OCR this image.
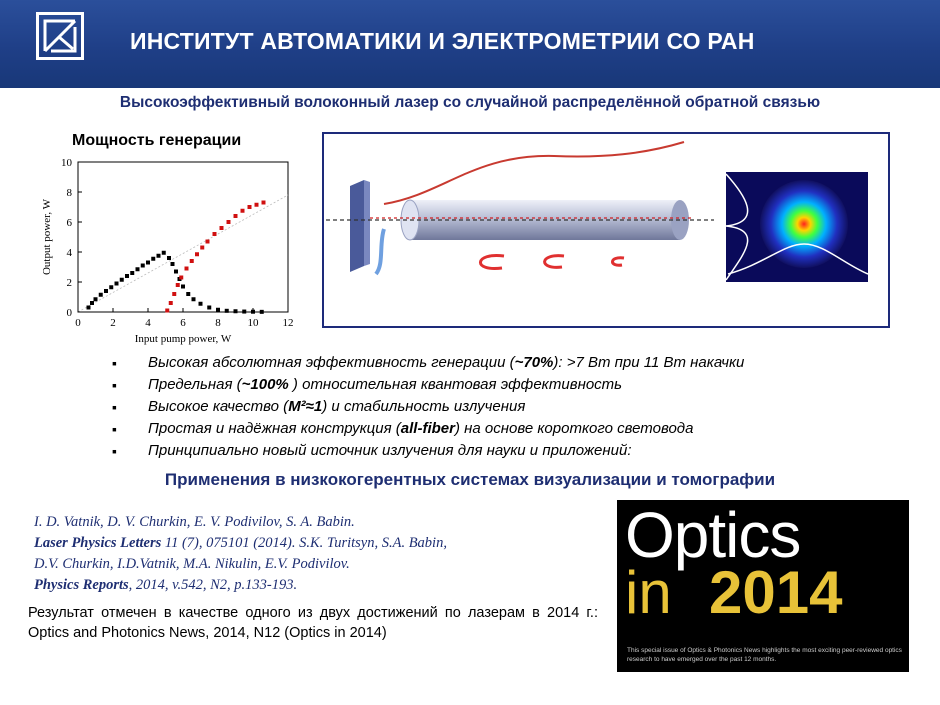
ИНСТИТУТ АВТОМАТИКИ И ЭЛЕКТРОМЕТРИИ СО РАН
Высокоэффективный волоконный лазер со случайной распределённой обратной связью
Мощность генерации
0	2	4	6	8 10 12
0
2
4
6
8
10
Input pump power, W
Output power, W
▪ Высокая абсолютная эффективность генерации (~70%): >7 Вт при 11 Вт накачки
▪ Предельная (~100% ) относительная квантовая эффективность
▪ Высокое качество (M²≈1) и стабильность излучения
▪ Простая и надёжная конструкция (all-fiber) на основе короткого световода
▪ Принципиально новый источник излучения для науки и приложений:
Применения в низкокогерентных системах визуализации и томографии
I. D. Vatnik, D. V. Churkin, E. V. Podivilov, S. A. Babin.
Laser Physics Letters 11 (7), 075101 (2014). S.K. Turitsyn, S.A. Babin,
D.V. Churkin, I.D.Vatnik, M.A. Nikulin, E.V. Podivilov.
Physics Reports, 2014, v.542, N2, p.133-193.
Результат отмечен в качестве одного из двух достижений по лазерам в 2014 г.: Optics and Photonics News, 2014, N12 (Optics in 2014)
Optics
in 2014
This special issue of Optics & Photonics News highlights the most exciting peer-reviewed optics research to have emerged over the past 12 months.
